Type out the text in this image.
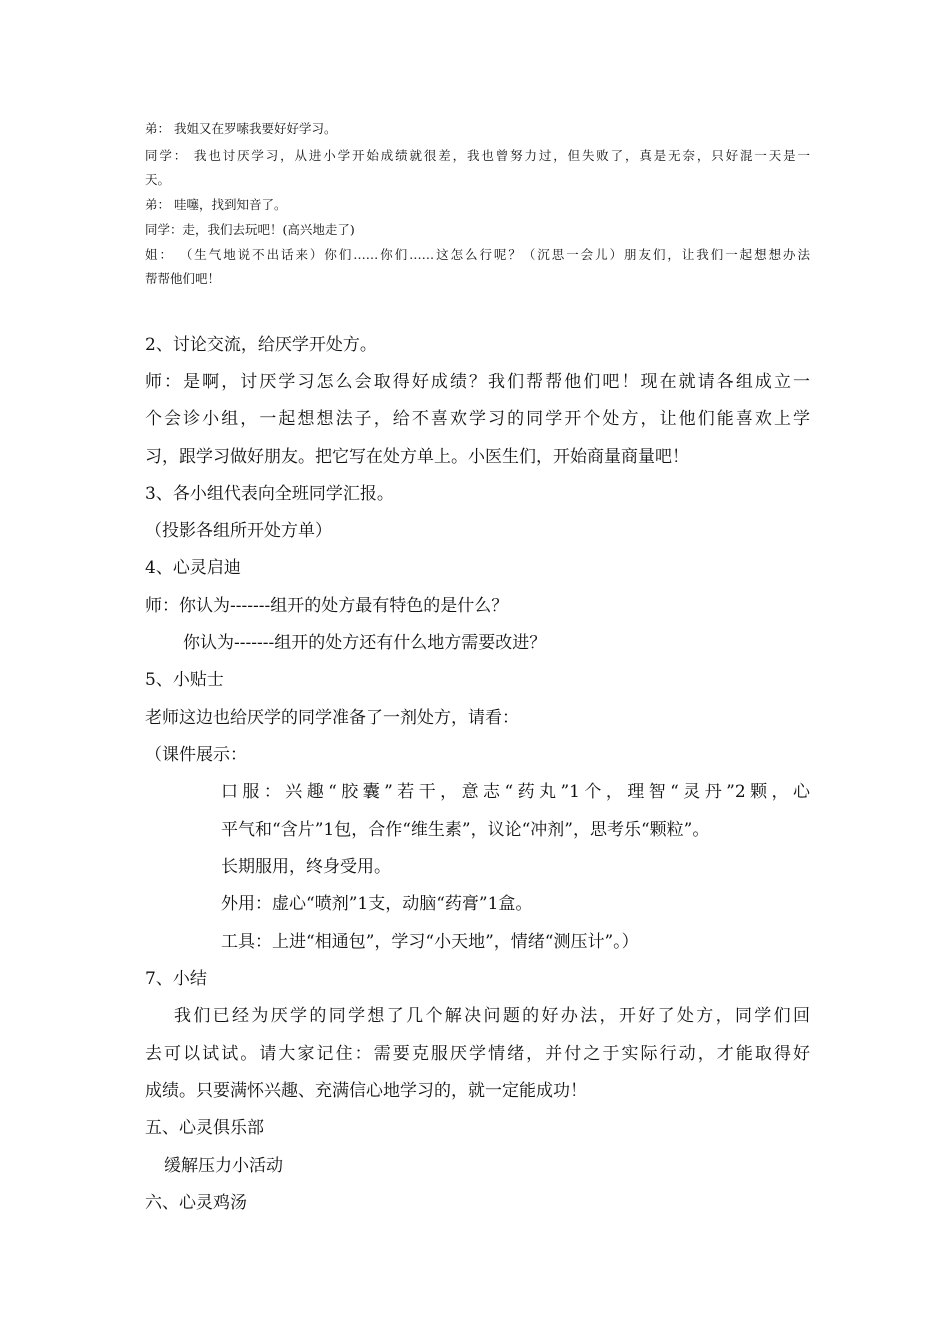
弟： 我姐又在罗嗦我要好好学习。
同学： 我也讨厌学习，从进小学开始成绩就很差，我也曾努力过，但失败了，真是无奈，只好混一天是一
天。
弟： 哇噻，找到知音了。
同学：走，我们去玩吧！(高兴地走了)
姐： （生气地说不出话来）你们……你们……这怎么行呢？（沉思一会儿）朋友们，让我们一起想想办法
帮帮他们吧！
2、讨论交流，给厌学开处方。
师：是啊，讨厌学习怎么会取得好成绩？我们帮帮他们吧！现在就请各组成立一
个会诊小组，一起想想法子，给不喜欢学习的同学开个处方，让他们能喜欢上学
习，跟学习做好朋友。把它写在处方单上。小医生们，开始商量商量吧！
3、各小组代表向全班同学汇报。
（投影各组所开处方单）
4、心灵启迪
师：你认为-------组开的处方最有特色的是什么？
你认为-------组开的处方还有什么地方需要改进？
5、小贴士
老师这边也给厌学的同学准备了一剂处方，请看：
（课件展示：
口服：兴趣“胶囊”若干，意志“药丸”1个，理智“灵丹”2颗，心
平气和“含片”1包，合作“维生素”，议论“冲剂”，思考乐“颗粒”。
长期服用，终身受用。
外用：虚心“喷剂”1支，动脑“药膏”1盒。
工具：上进“相通包”，学习“小天地”，情绪“测压计”。）
7、小结
我们已经为厌学的同学想了几个解决问题的好办法，开好了处方，同学们回
去可以试试。请大家记住：需要克服厌学情绪，并付之于实际行动，才能取得好
成绩。只要满怀兴趣、充满信心地学习的，就一定能成功！
五、心灵俱乐部
缓解压力小活动
六、心灵鸡汤
